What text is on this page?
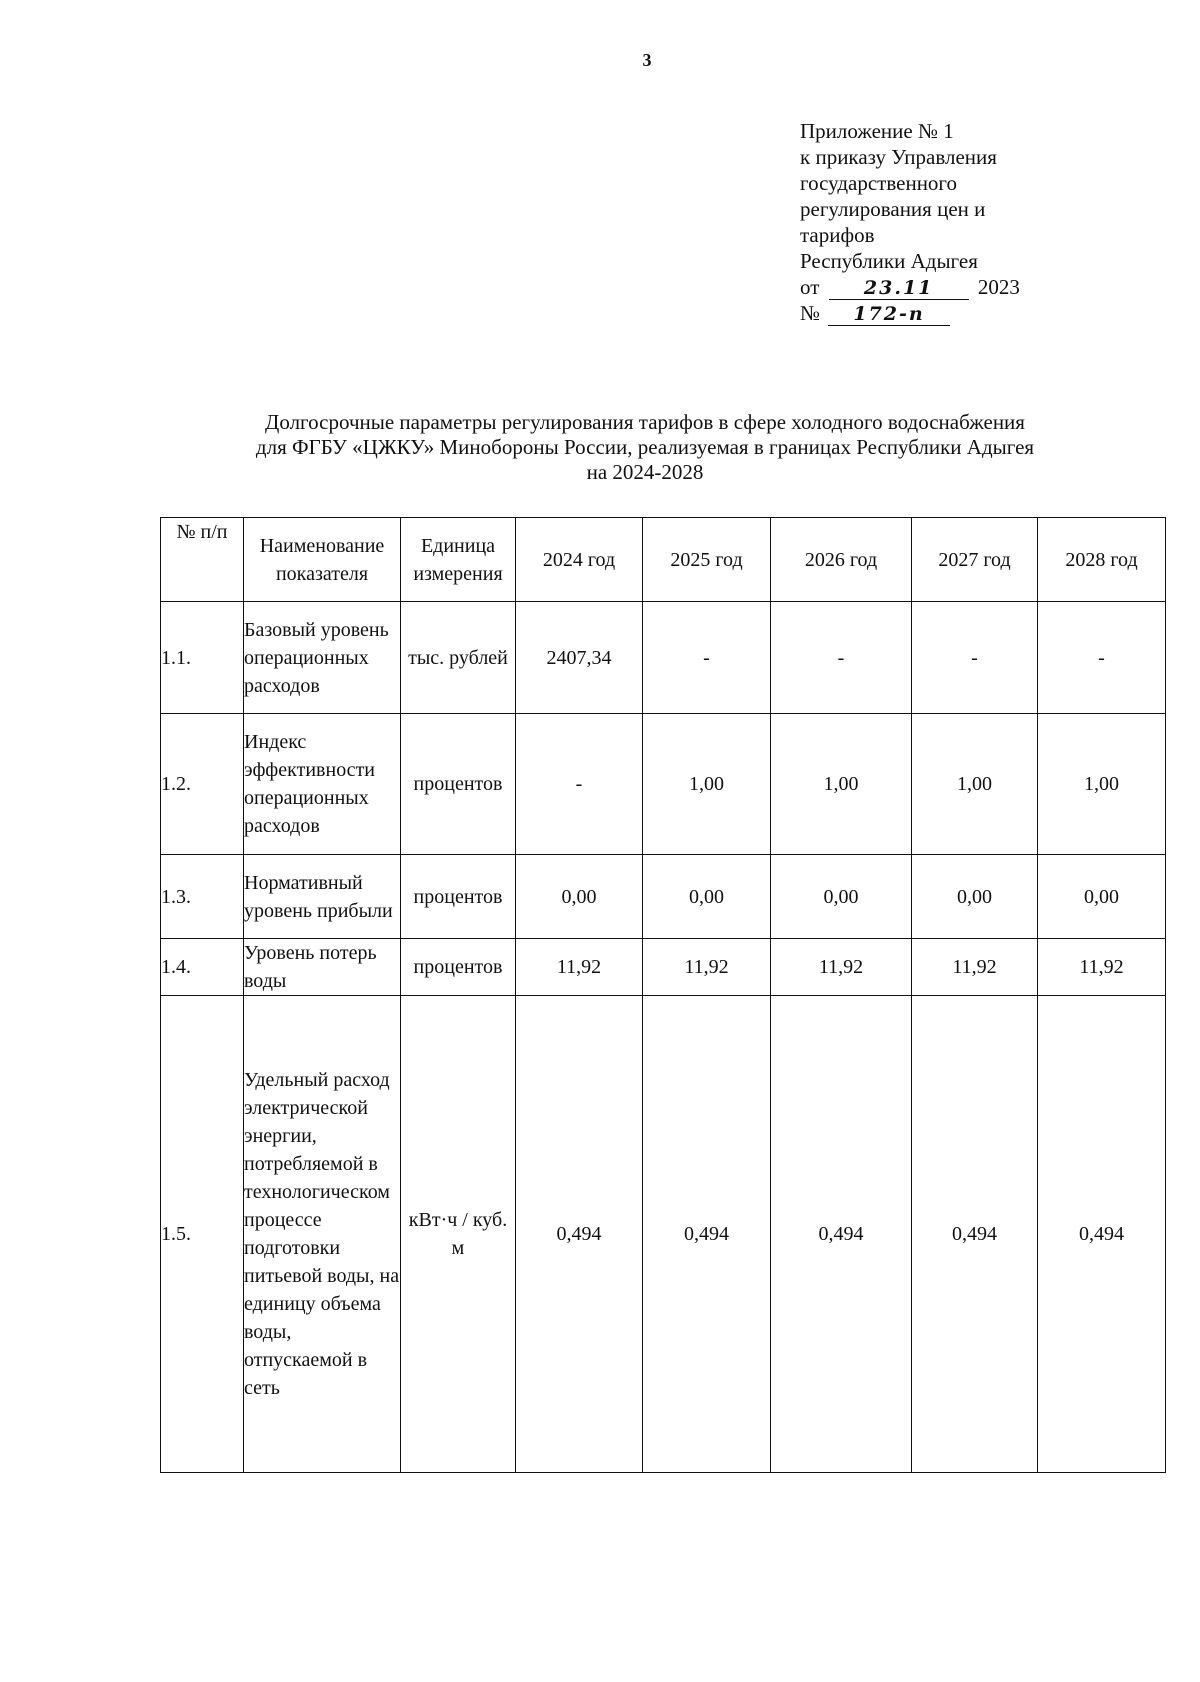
3
Приложение № 1
к приказу Управления
государственного
регулирования цен и
тарифов
Республики Адыгея
от 23.11 2023
№ 172-п
Долгосрочные параметры регулирования тарифов в сфере холодного водоснабжения
для ФГБУ «ЦЖКУ» Минобороны России, реализуемая в границах Республики Адыгея
на 2024-2028
№ п/п	Наименование показателя	Единица измерения	2024 год	2025 год	2026 год	2027 год	2028 год
1.1.	Базовый уровень операционных расходов	тыс. рублей	2407,34	-	-	-	-
1.2.	Индекс эффективности операционных расходов	процентов	-	1,00	1,00	1,00	1,00
1.3.	Нормативный уровень прибыли	процентов	0,00	0,00	0,00	0,00	0,00
1.4.	Уровень потерь воды	процентов	11,92	11,92	11,92	11,92	11,92
1.5.	Удельный расход электрической энергии, потребляемой в технологическом процессе подготовки питьевой воды, на единицу объема воды, отпускаемой в сеть	кВт·ч / куб. м	0,494	0,494	0,494	0,494	0,494
